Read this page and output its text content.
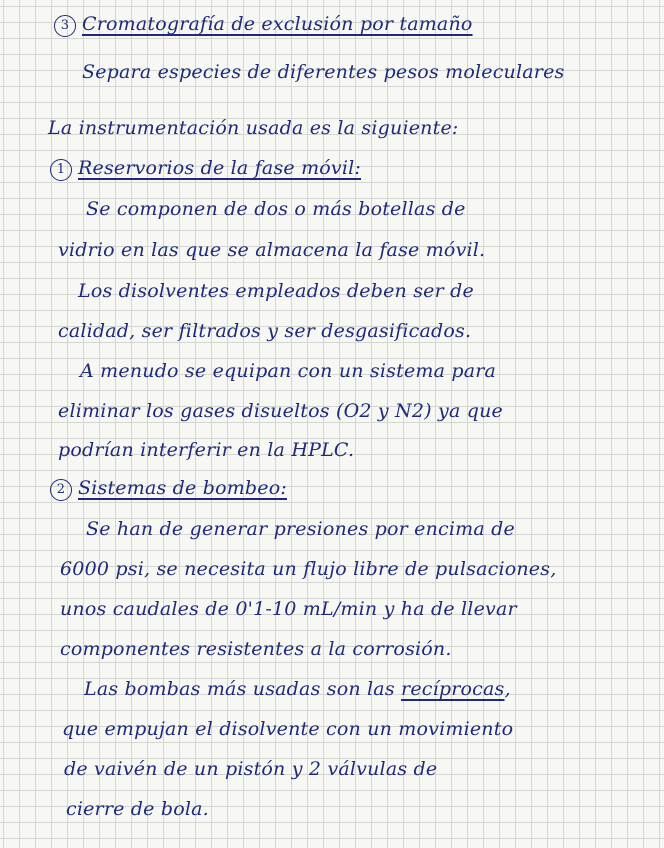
3 Cromatografía de exclusión por tamaño
Separa especies de diferentes pesos moleculares
La instrumentación usada es la siguiente:
1 Reservorios de la fase móvil:
Se componen de dos o más botellas de
vidrio en las que se almacena la fase móvil.
Los disolventes empleados deben ser de
calidad, ser filtrados y ser desgasificados.
A menudo se equipan con un sistema para
eliminar los gases disueltos (O2 y N2) ya que
podrían interferir en la HPLC.
2 Sistemas de bombeo:
Se han de generar presiones por encima de
6000 psi, se necesita un flujo libre de pulsaciones,
unos caudales de 0'1-10 mL/min y ha de llevar
componentes resistentes a la corrosión.
Las bombas más usadas son las recíprocas,
que empujan el disolvente con un movimiento
de vaivén de un pistón y 2 válvulas de
cierre de bola.
